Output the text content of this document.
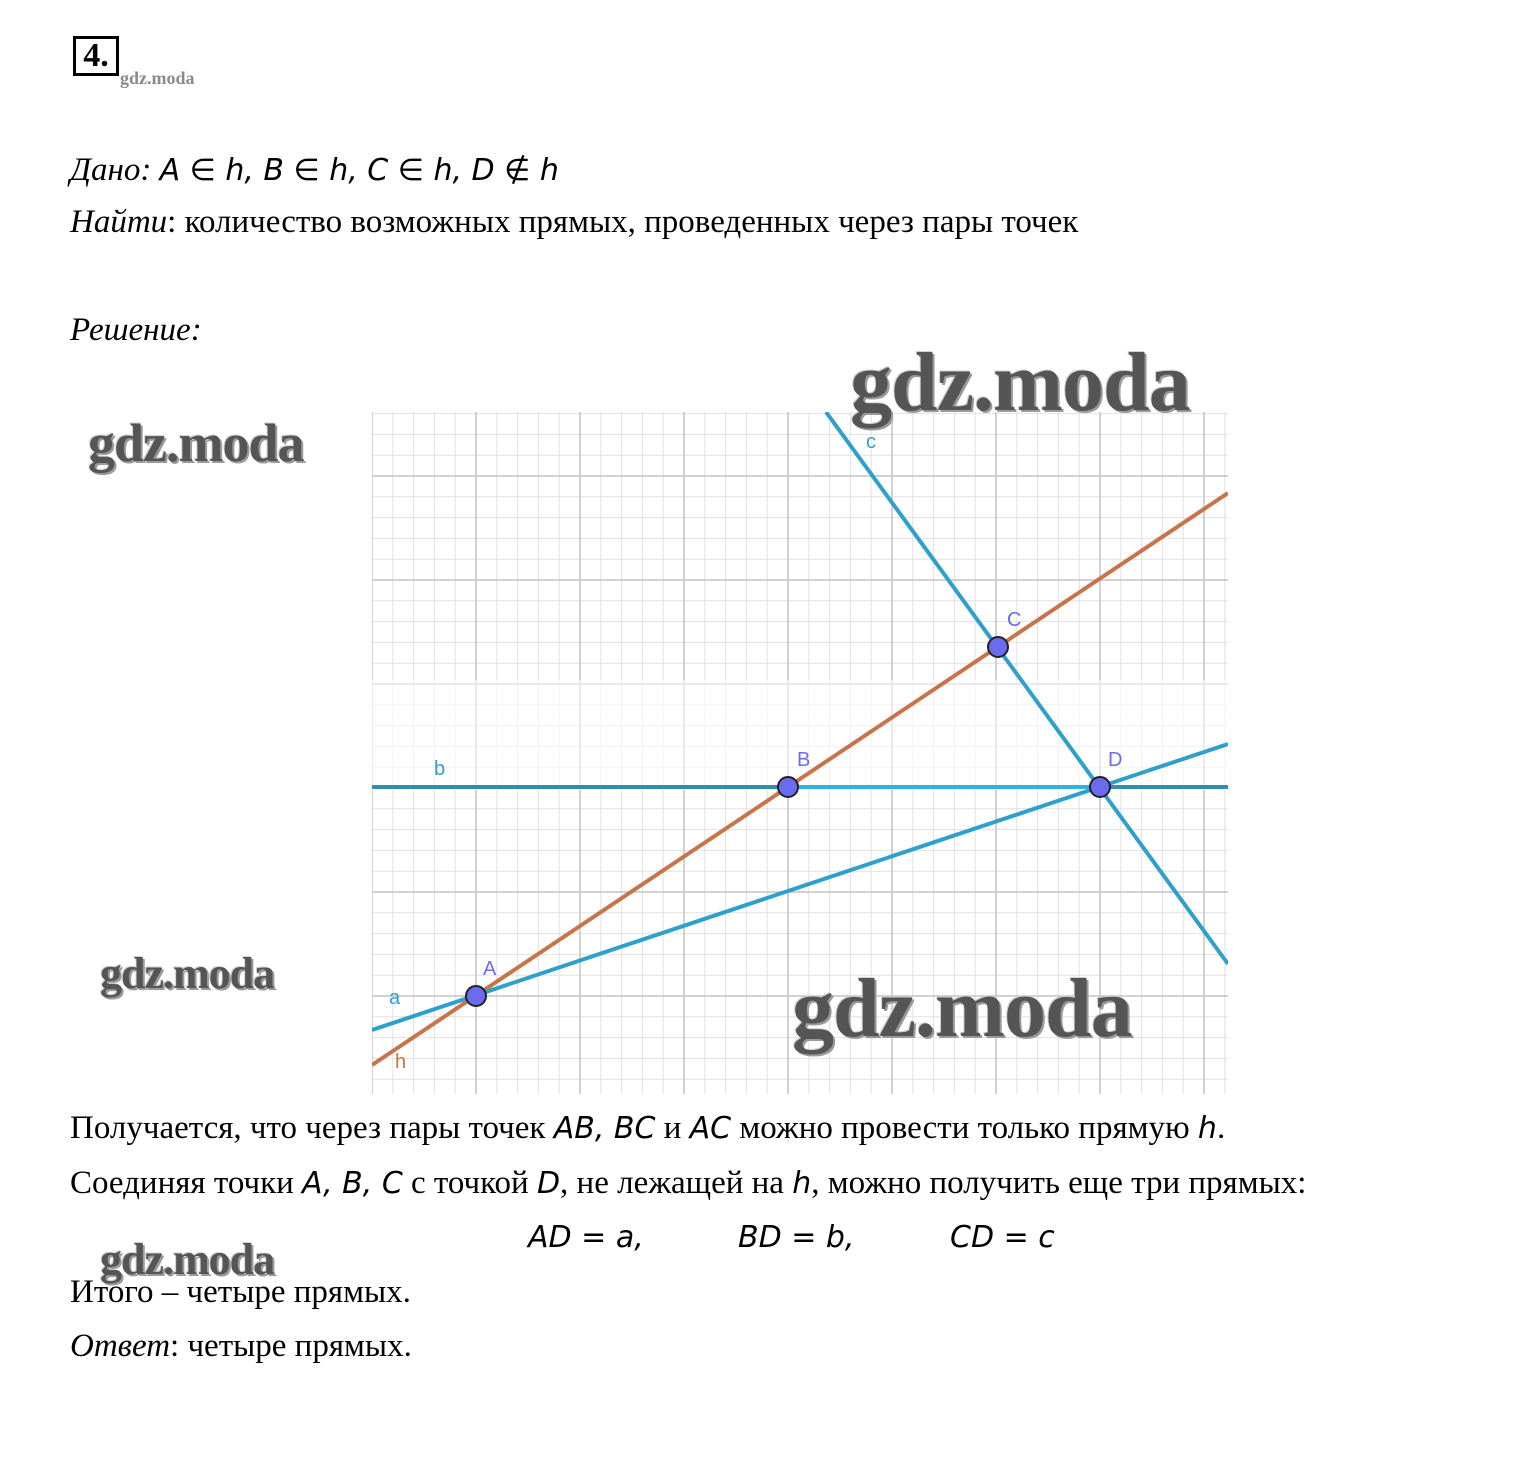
4.
gdz.moda
Дано: A ∈ h, B ∈ h, C ∈ h, D ∉ h
Найти: количество возможных прямых, проведенных через пары точек
Решение:
a
b
c
h
A
B
C
D
gdz.moda
gdz.moda
gdz.moda	gdz.moda
gdz.moda
Получается, что через пары точек AB, BC и AC можно провести только прямую h.
Соединяя точки A, B, C с точкой D, не лежащей на h, можно получить еще три прямых:
AD = a,	BD = b,	CD = c
Итого – четыре прямых.
Ответ: четыре прямых.
